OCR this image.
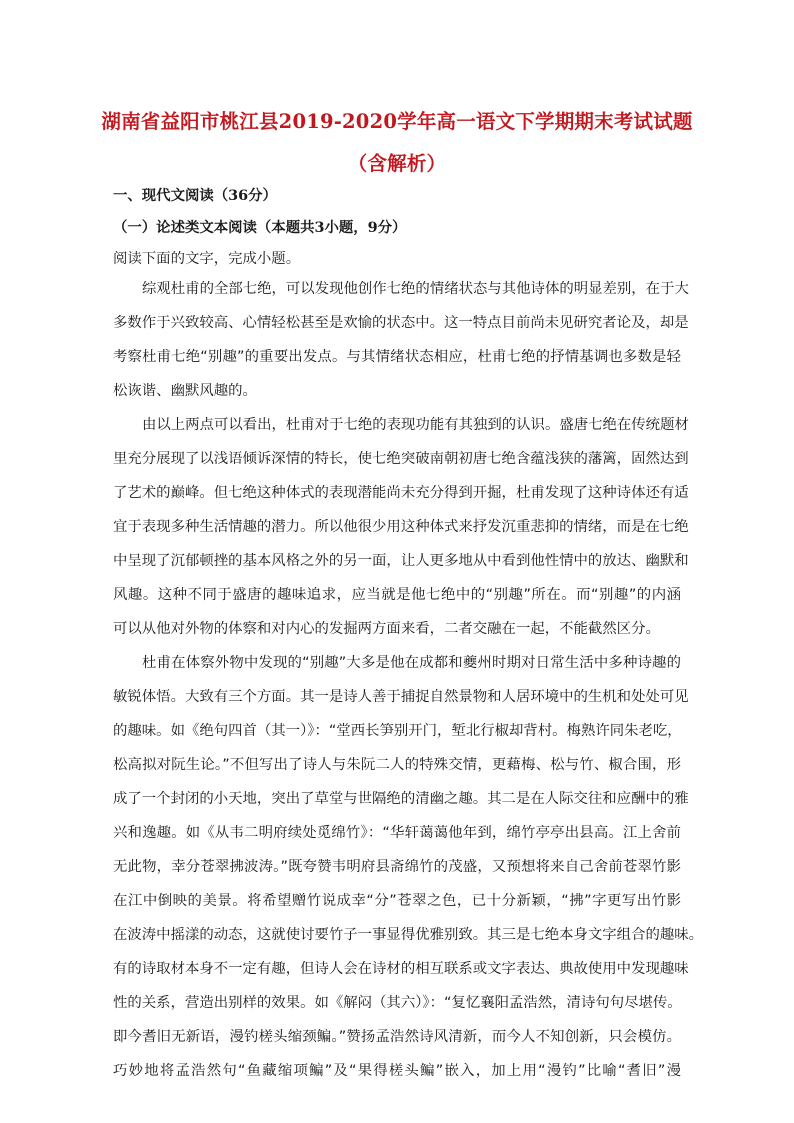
湖南省益阳市桃江县2019-2020学年高一语文下学期期末考试试题
（含解析）
一、现代文阅读（36分）
（一）论述类文本阅读（本题共3小题，9分）
阅读下面的文字，完成小题。
综观杜甫的全部七绝，可以发现他创作七绝的情绪状态与其他诗体的明显差别，在于大
多数作于兴致较高、心情轻松甚至是欢愉的状态中。这一特点目前尚未见研究者论及，却是
考察杜甫七绝“别趣”的重要出发点。与其情绪状态相应，杜甫七绝的抒情基调也多数是轻
松诙谐、幽默风趣的。
由以上两点可以看出，杜甫对于七绝的表现功能有其独到的认识。盛唐七绝在传统题材
里充分展现了以浅语倾诉深情的特长，使七绝突破南朝初唐七绝含蕴浅狭的藩篱，固然达到
了艺术的巅峰。但七绝这种体式的表现潜能尚未充分得到开掘，杜甫发现了这种诗体还有适
宜于表现多种生活情趣的潜力。所以他很少用这种体式来抒发沉重悲抑的情绪，而是在七绝
中呈现了沉郁顿挫的基本风格之外的另一面，让人更多地从中看到他性情中的放达、幽默和
风趣。这种不同于盛唐的趣味追求，应当就是他七绝中的“别趣”所在。而“别趣”的内涵
可以从他对外物的体察和对内心的发掘两方面来看，二者交融在一起，不能截然区分。
杜甫在体察外物中发现的“别趣”大多是他在成都和夔州时期对日常生活中多种诗趣的
敏锐体悟。大致有三个方面。其一是诗人善于捕捉自然景物和人居环境中的生机和处处可见
的趣味。如《绝句四首（其一）》：“堂西长笋别开门，堑北行椒却背村。梅熟许同朱老吃，
松高拟对阮生论。”不但写出了诗人与朱阮二人的特殊交情，更藉梅、松与竹、椒合围，形
成了一个封闭的小天地，突出了草堂与世隔绝的清幽之趣。其二是在人际交往和应酬中的雅
兴和逸趣。如《从韦二明府续处觅绵竹》：“华轩蔼蔼他年到，绵竹亭亭出县高。江上舍前
无此物，幸分苍翠拂波涛。”既夸赞韦明府县斋绵竹的茂盛，又预想将来自己舍前苍翠竹影
在江中倒映的美景。将希望赠竹说成幸“分”苍翠之色，已十分新颖，“拂”字更写出竹影
在波涛中摇漾的动态，这就使讨要竹子一事显得优雅别致。其三是七绝本身文字组合的趣味。
有的诗取材本身不一定有趣，但诗人会在诗材的相互联系或文字表达、典故使用中发现趣味
性的关系，营造出别样的效果。如《解闷（其六）》：“复忆襄阳孟浩然，清诗句句尽堪传。
即今耆旧无新语，漫钓槎头缩颈鳊。”赞扬孟浩然诗风清新，而今人不知创新，只会模仿。
巧妙地将孟浩然句“鱼藏缩项鳊”及“果得槎头鳊”嵌入，加上用“漫钓”比喻“耆旧”漫
